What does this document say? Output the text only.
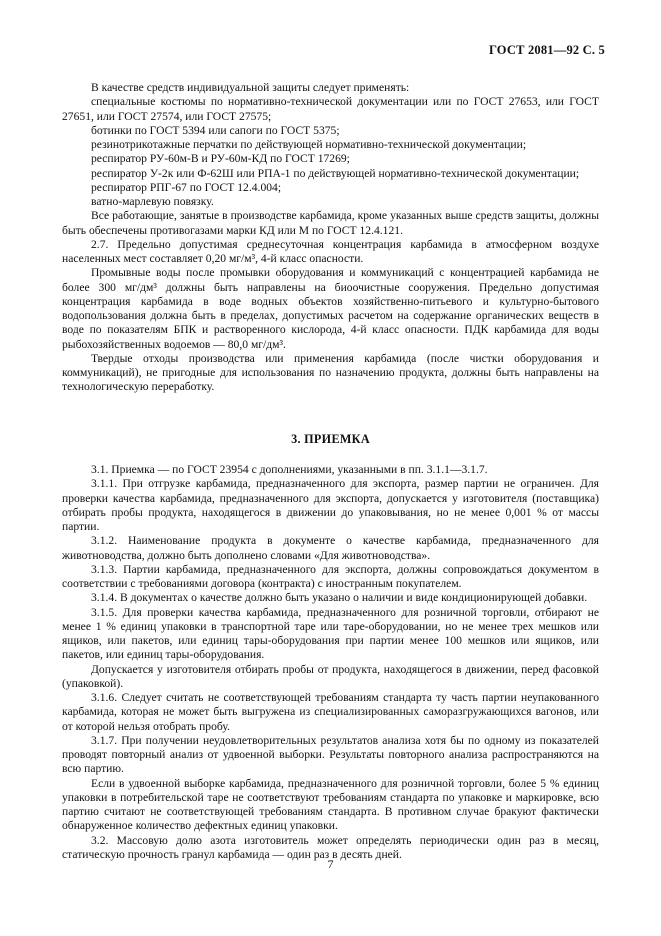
ГОСТ 2081—92 С. 5

В качестве средств индивидуальной защиты следует применять:

специальные костюмы по нормативно-технической документации или по ГОСТ 27653, или ГОСТ 27651, или ГОСТ 27574, или ГОСТ 27575;

ботинки по ГОСТ 5394 или сапоги по ГОСТ 5375;

резинотрикотажные перчатки по действующей нормативно-технической документации;

респиратор РУ-60м-В и РУ-60м-КД по ГОСТ 17269;

респиратор У-2к или Ф-62Ш или РПА-1 по действующей нормативно-технической документации;

респиратор РПГ-67 по ГОСТ 12.4.004;

ватно-марлевую повязку.

Все работающие, занятые в производстве карбамида, кроме указанных выше средств защиты, должны быть обеспечены противогазами марки КД или М по ГОСТ 12.4.121.

2.7. Предельно допустимая среднесуточная концентрация карбамида в атмосферном воздухе населенных мест составляет 0,20 мг/м³, 4-й класс опасности.

Промывные воды после промывки оборудования и коммуникаций с концентрацией карбамида не более 300 мг/дм³ должны быть направлены на биоочистные сооружения. Предельно допустимая концентрация карбамида в воде водных объектов хозяйственно-питьевого и культурно-бытового водопользования должна быть в пределах, допустимых расчетом на содержание органических веществ в воде по показателям БПК и растворенного кислорода, 4-й класс опасности. ПДК карбамида для воды рыбохозяйственных водоемов — 80,0 мг/дм³.

Твердые отходы производства или применения карбамида (после чистки оборудования и коммуникаций), не пригодные для использования по назначению продукта, должны быть направлены на технологическую переработку.

3. ПРИЕМКА

3.1. Приемка — по ГОСТ 23954 с дополнениями, указанными в пп. 3.1.1—3.1.7.

3.1.1. При отгрузке карбамида, предназначенного для экспорта, размер партии не ограничен. Для проверки качества карбамида, предназначенного для экспорта, допускается у изготовителя (поставщика) отбирать пробы продукта, находящегося в движении до упаковывания, но не менее 0,001 % от массы партии.

3.1.2. Наименование продукта в документе о качестве карбамида, предназначенного для животноводства, должно быть дополнено словами «Для животноводства».

3.1.3. Партии карбамида, предназначенного для экспорта, должны сопровождаться документом в соответствии с требованиями договора (контракта) с иностранным покупателем.

3.1.4. В документах о качестве должно быть указано о наличии и виде кондиционирующей добавки.

3.1.5. Для проверки качества карбамида, предназначенного для розничной торговли, отбирают не менее 1 % единиц упаковки в транспортной таре или таре-оборудовании, но не менее трех мешков или ящиков, или пакетов, или единиц тары-оборудования при партии менее 100 мешков или ящиков, или пакетов, или единиц тары-оборудования.

Допускается у изготовителя отбирать пробы от продукта, находящегося в движении, перед фасовкой (упаковкой).

3.1.6. Следует считать не соответствующей требованиям стандарта ту часть партии неупакованного карбамида, которая не может быть выгружена из специализированных саморазгружающихся вагонов, или от которой нельзя отобрать пробу.

3.1.7. При получении неудовлетворительных результатов анализа хотя бы по одному из показателей проводят повторный анализ от удвоенной выборки. Результаты повторного анализа распространяются на всю партию.

Если в удвоенной выборке карбамида, предназначенного для розничной торговли, более 5 % единиц упаковки в потребительской таре не соответствуют требованиям стандарта по упаковке и маркировке, всю партию считают не соответствующей требованиям стандарта. В противном случае бракуют фактически обнаруженное количество дефектных единиц упаковки.

3.2. Массовую долю азота изготовитель может определять периодически один раз в месяц, статическую прочность гранул карбамида — один раз в десять дней.

7
